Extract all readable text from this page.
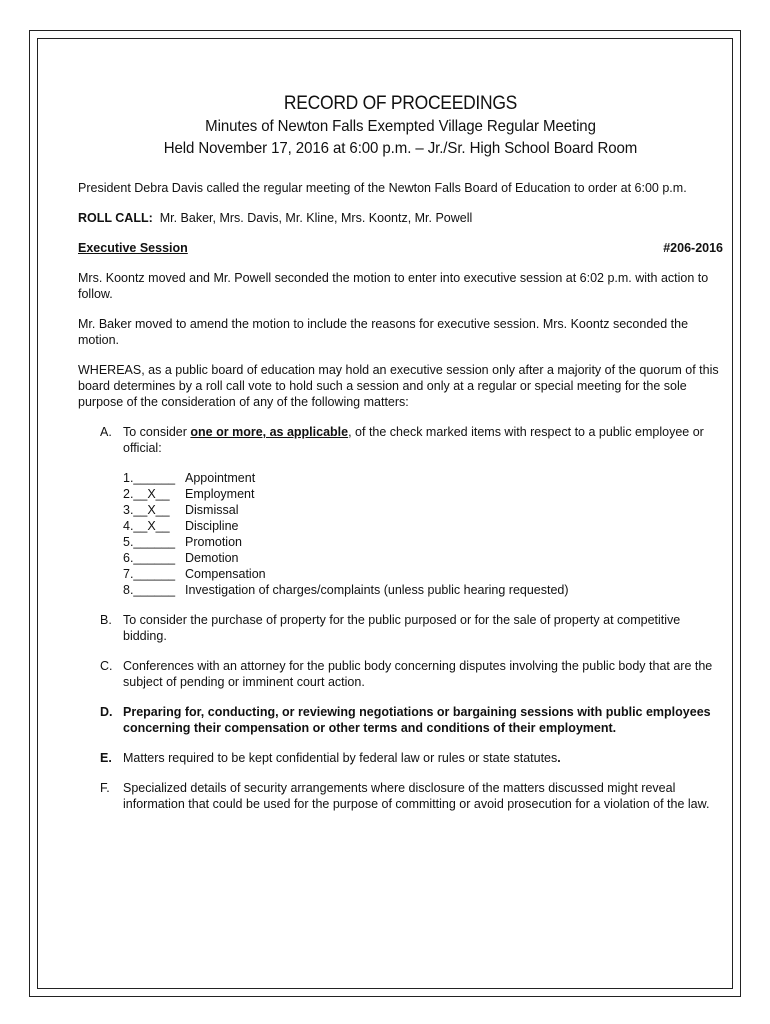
RECORD OF PROCEEDINGS

Minutes of Newton Falls Exempted Village Regular Meeting

Held November 17, 2016 at 6:00 p.m. – Jr./Sr. High School Board Room

President Debra Davis called the regular meeting of the Newton Falls Board of Education to order at 6:00 p.m.

ROLL CALL: Mr. Baker, Mrs. Davis, Mr. Kline, Mrs. Koontz, Mr. Powell

Executive Session	#206-2016

Mrs. Koontz moved and Mr. Powell seconded the motion to enter into executive session at 6:02 p.m. with action to follow.

Mr. Baker moved to amend the motion to include the reasons for executive session. Mrs. Koontz seconded the motion.

WHEREAS, as a public board of education may hold an executive session only after a majority of the quorum of this board determines by a roll call vote to hold such a session and only at a regular or special meeting for the sole purpose of the consideration of any of the following matters:

A. To consider one or more, as applicable, of the check marked items with respect to a public employee or official:
1.______ Appointment
2.__X__	Employment
3.__X__	Dismissal
4.__X__	Discipline
5.______ Promotion
6.______ Demotion
7.______ Compensation
8.______ Investigation of charges/complaints (unless public hearing requested)
B. To consider the purchase of property for the public purposed or for the sale of property at competitive bidding.
C. Conferences with an attorney for the public body concerning disputes involving the public body that are the subject of pending or imminent court action.
D. Preparing for, conducting, or reviewing negotiations or bargaining sessions with public employees concerning their compensation or other terms and conditions of their employment.
E. Matters required to be kept confidential by federal law or rules or state statutes.
F.	Specialized details of security arrangements where disclosure of the matters discussed might reveal information that could be used for the purpose of committing or avoid prosecution for a violation of the law.
